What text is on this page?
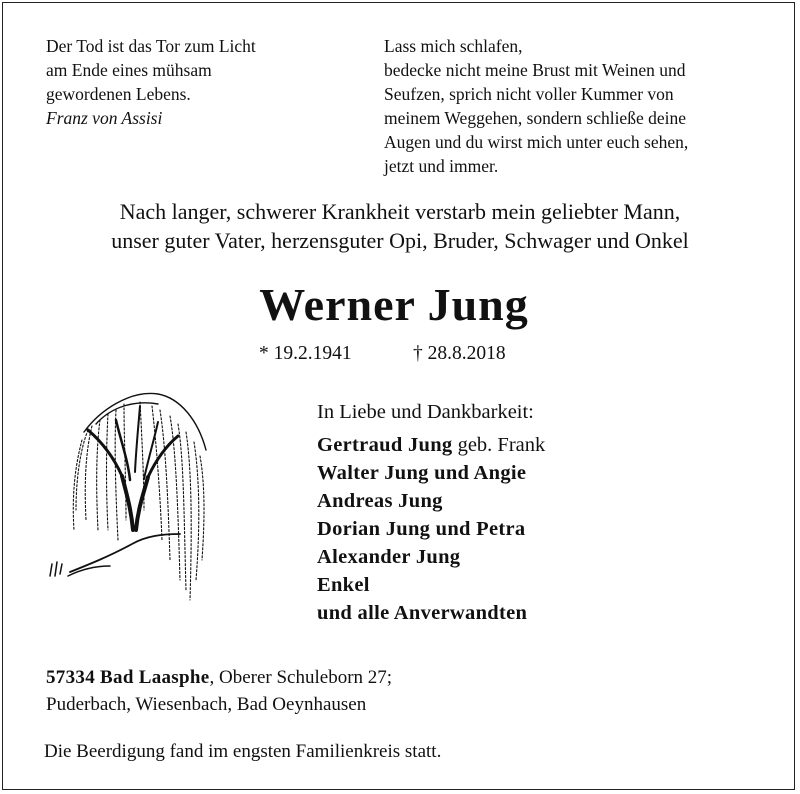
Der Tod ist das Tor zum Licht
am Ende eines mühsam
gewordenen Lebens.
Franz von Assisi
Lass mich schlafen,
bedecke nicht meine Brust mit Weinen und
Seufzen, sprich nicht voller Kummer von
meinem Weggehen, sondern schließe deine
Augen und du wirst mich unter euch sehen,
jetzt und immer.
Nach langer, schwerer Krankheit verstarb mein geliebter Mann,
unser guter Vater, herzensguter Opi, Bruder, Schwager und Onkel
Werner Jung
* 19.2.1941	† 28.8.2018
In Liebe und Dankbarkeit:
Gertraud Jung geb. Frank
Walter Jung und Angie
Andreas Jung
Dorian Jung und Petra
Alexander Jung
Enkel
und alle Anverwandten
57334 Bad Laasphe, Oberer Schuleborn 27;
Puderbach, Wiesenbach, Bad Oeynhausen
Die Beerdigung fand im engsten Familienkreis statt.
